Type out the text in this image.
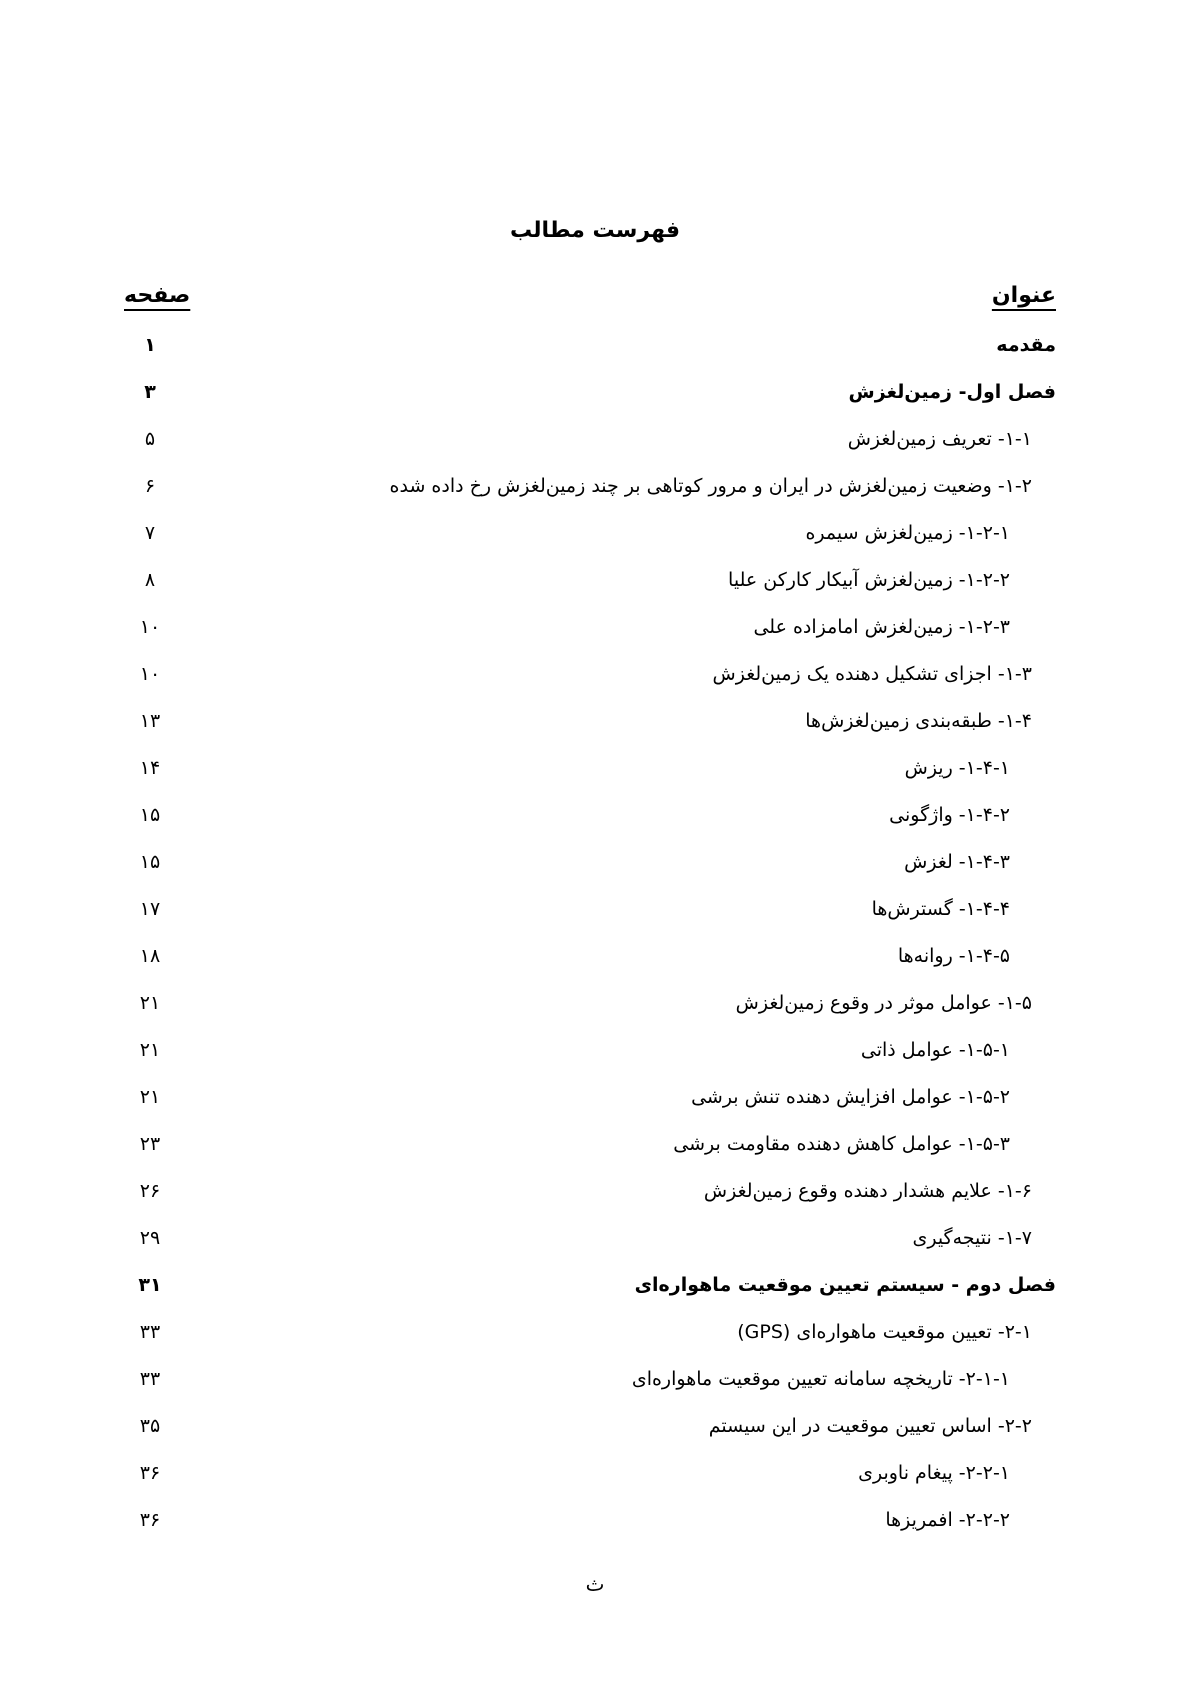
فهرست مطالب
عنوان
صفحه
مقدمه
۱
فصل اول- زمین‌لغزش
۳
۱-۱- تعریف زمین‌لغزش
۵
۱-۲- وضعیت زمین‌لغزش در ایران و مرور کوتاهی بر چند زمین‌لغزش رخ داده شده
۶
۱-۲-۱- زمین‌لغزش سیمره
۷
۱-۲-۲- زمین‌لغزش آبیکار کارکن علیا
۸
۱-۲-۳- زمین‌لغزش امامزاده علی
۱۰
۱-۳- اجزای تشکیل دهنده یک زمین‌لغزش
۱۰
۱-۴- طبقه‌بندی زمین‌لغزش‌ها
۱۳
۱-۴-۱- ریزش
۱۴
۱-۴-۲- واژگونی
۱۵
۱-۴-۳- لغزش
۱۵
۱-۴-۴- گسترش‌ها
۱۷
۱-۴-۵- روانه‌ها
۱۸
۱-۵- عوامل موثر در وقوع زمین‌لغزش
۲۱
۱-۵-۱- عوامل ذاتی
۲۱
۱-۵-۲- عوامل افزایش دهنده تنش برشی
۲۱
۱-۵-۳- عوامل کاهش دهنده مقاومت برشی
۲۳
۱-۶- علایم هشدار دهنده وقوع زمین‌لغزش
۲۶
۱-۷- نتیجه‌گیری
۲۹
فصل دوم - سیستم تعیین موقعیت ماهواره‌ای
۳۱
۲-۱- تعیین موقعیت ماهواره‌ای (GPS)
۳۳
۲-۱-۱- تاریخچه سامانه تعیین موقعیت ماهواره‌ای
۳۳
۲-۲- اساس تعیین موقعیت در این سیستم
۳۵
۲-۲-۱- پیغام ناوبری
۳۶
۲-۲-۲- افمریزها
۳۶
ث
